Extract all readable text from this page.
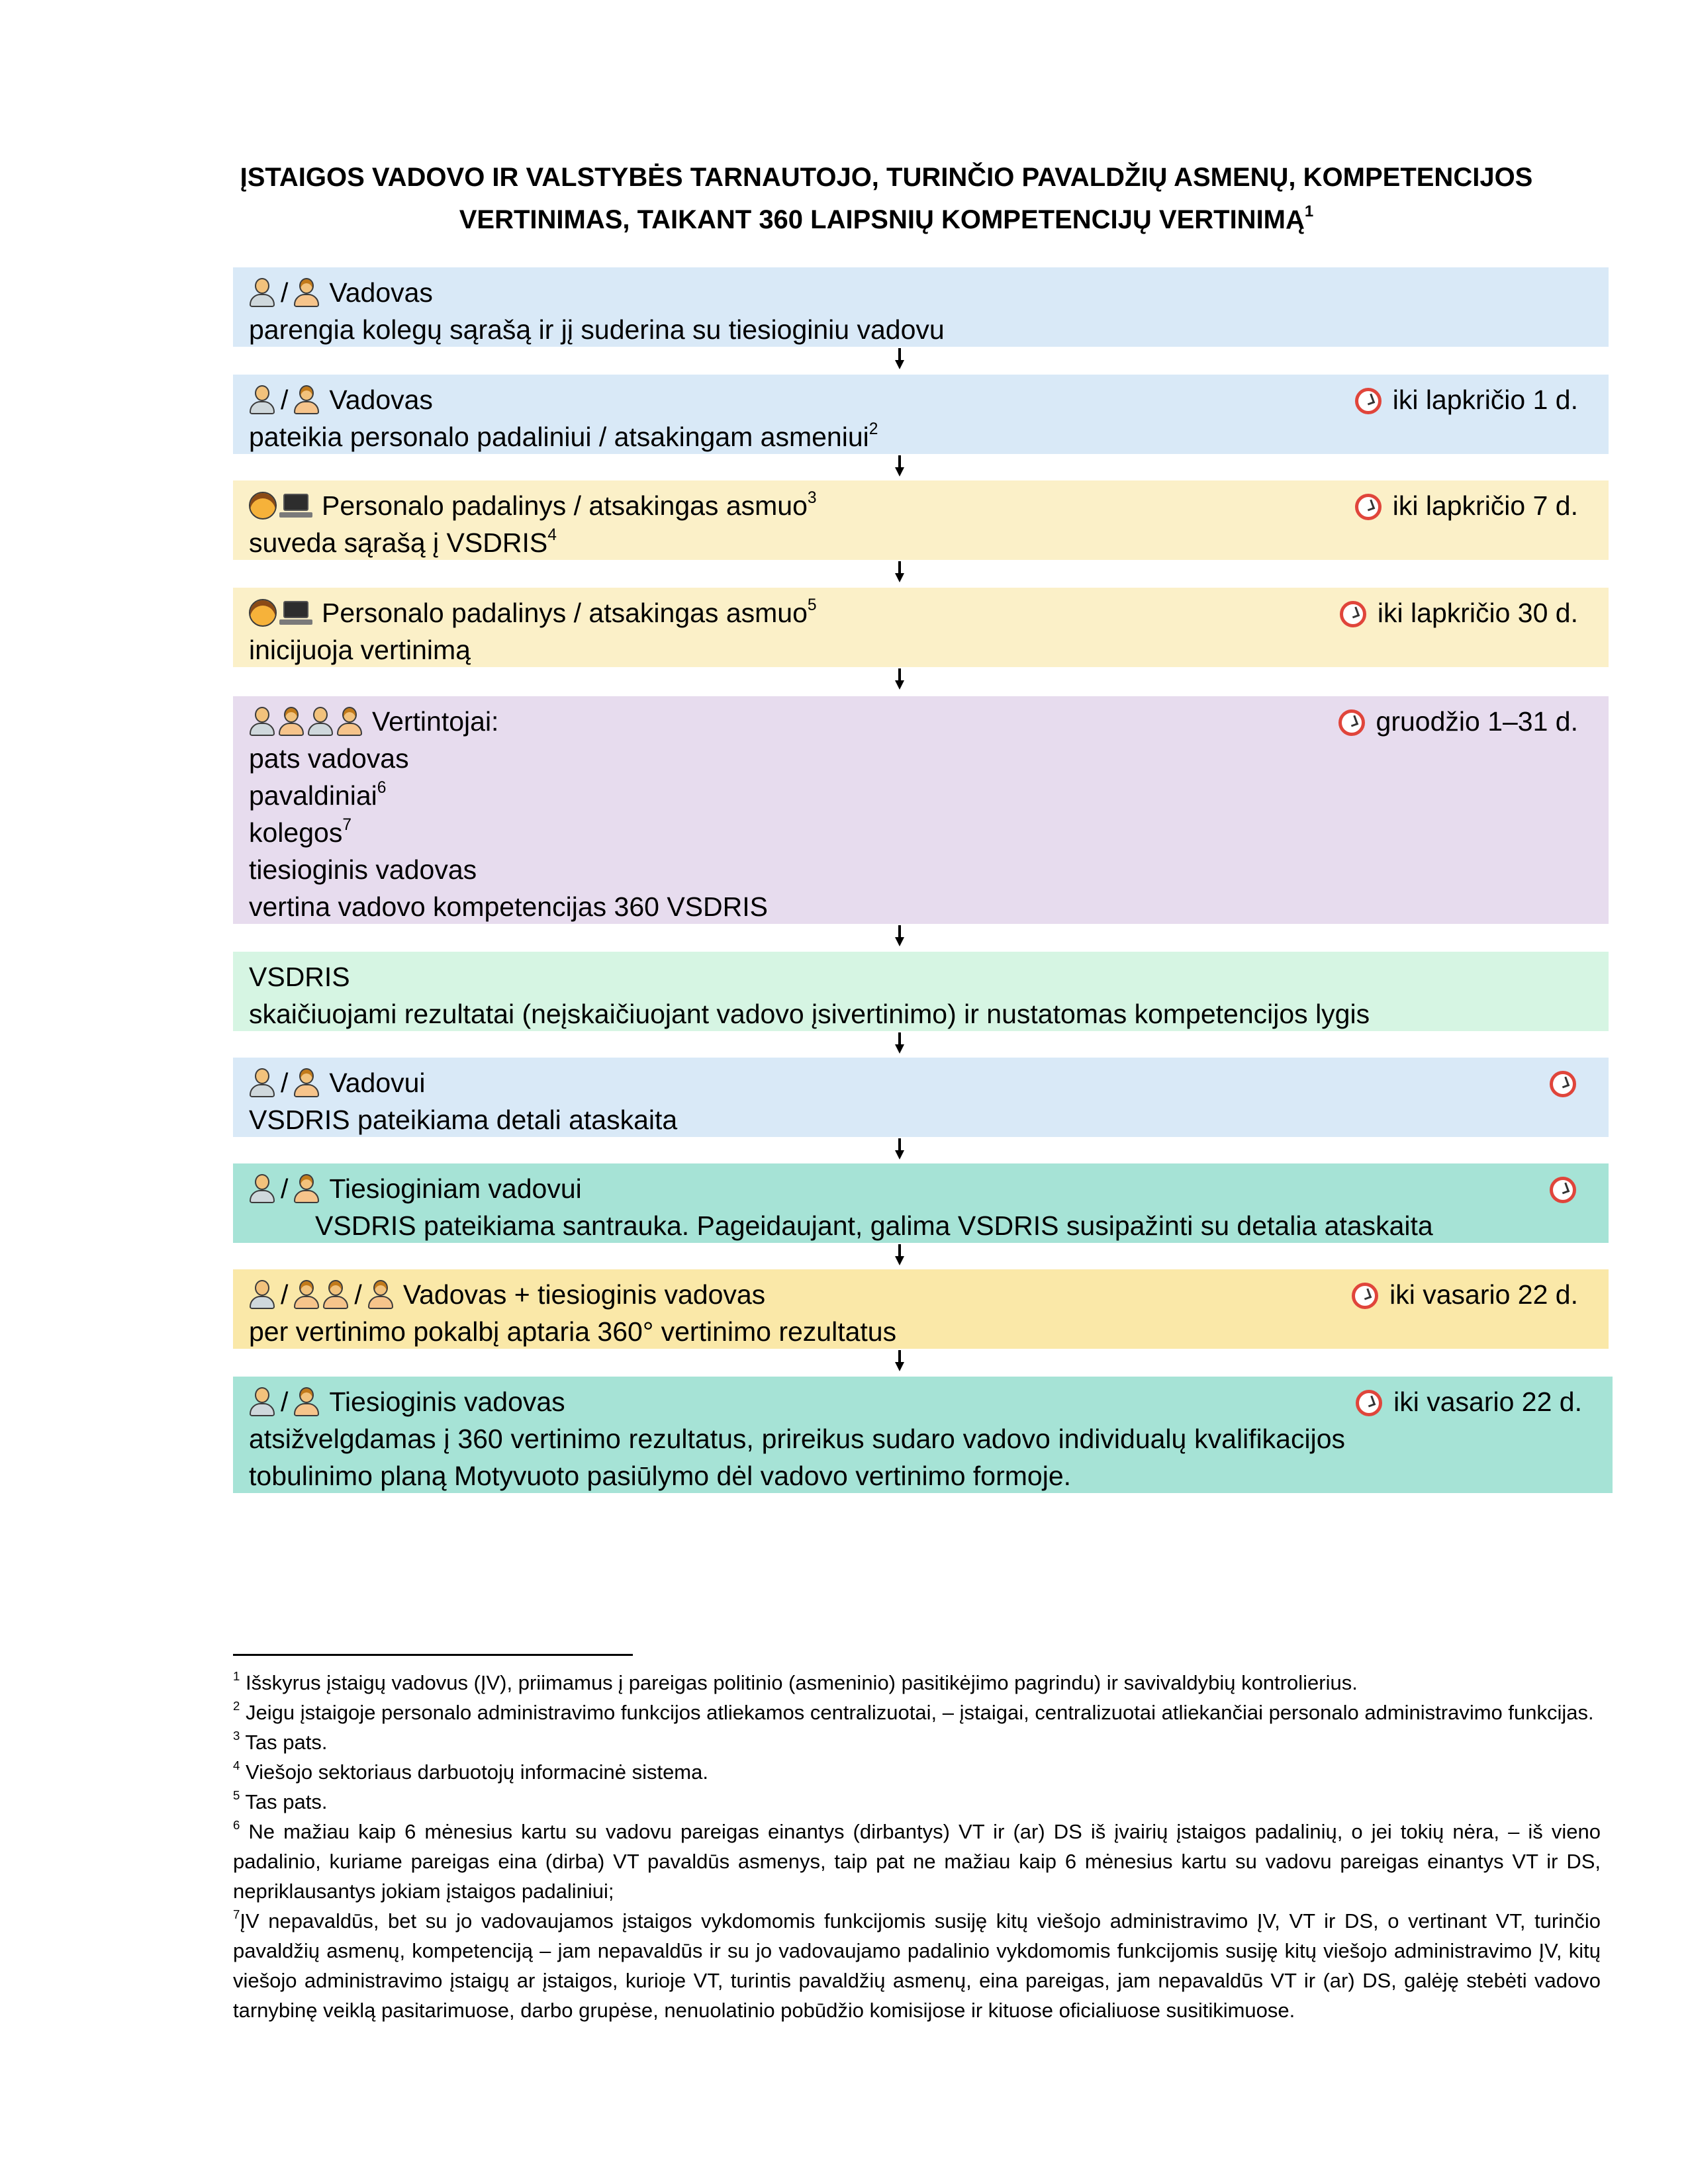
ĮSTAIGOS VADOVO IR VALSTYBĖS TARNAUTOJO, TURINČIO PAVALDŽIŲ ASMENŲ, KOMPETENCIJOS
VERTINIMAS, TAIKANT 360 LAIPSNIŲ KOMPETENCIJŲ VERTINIMĄ$^1$
/ Vadovas
parengia kolegų sąrašą ir jį suderina su tiesioginiu vadovu
/ Vadovas	iki lapkričio 1 d.
pateikia personalo padaliniui / atsakingam asmeniui$^2$
Personalo padalinys / atsakingas asmuo$^3$	iki lapkričio 7 d.
suveda sąrašą į VSDRIS$^4$
Personalo padalinys / atsakingas asmuo$^5$	iki lapkričio 30 d.
inicijuoja vertinimą
Vertintojai:	gruodžio 1–31 d.
pats vadovas
pavaldiniai$^6$
kolegos$^7$
tiesioginis vadovas
vertina vadovo kompetencijas 360 VSDRIS
VSDRIS
skaičiuojami rezultatai (neįskaičiuojant vadovo įsivertinimo) ir nustatomas kompetencijos lygis
/ Vadovui
VSDRIS pateikiama detali ataskaita
/ Tiesioginiam vadovui
VSDRIS pateikiama santrauka. Pageidaujant, galima VSDRIS susipažinti su detalia ataskaita
/ / Vadovas + tiesioginis vadovas	iki vasario 22 d.
per vertinimo pokalbį aptaria 360° vertinimo rezultatus
/ Tiesioginis vadovas	iki vasario 22 d.
atsižvelgdamas į 360 vertinimo rezultatus, prireikus sudaro vadovo individualų kvalifikacijos tobulinimo planą Motyvuoto pasiūlymo dėl vadovo vertinimo formoje.

$^1$ Išskyrus įstaigų vadovus (ĮV), priimamus į pareigas politinio (asmeninio) pasitikėjimo pagrindu) ir savivaldybių kontrolierius.

$^2$ Jeigu įstaigoje personalo administravimo funkcijos atliekamos centralizuotai, – įstaigai, centralizuotai atliekančiai personalo administravimo funkcijas.

$^3$ Tas pats.

$^4$ Viešojo sektoriaus darbuotojų informacinė sistema.

$^5$ Tas pats.

$^6$ Ne mažiau kaip 6 mėnesius kartu su vadovu pareigas einantys (dirbantys) VT ir (ar) DS iš įvairių įstaigos padalinių, o jei tokių nėra, – iš vieno padalinio, kuriame pareigas eina (dirba) VT pavaldūs asmenys, taip pat ne mažiau kaip 6 mėnesius kartu su vadovu pareigas einantys VT ir DS, nepriklausantys jokiam įstaigos padaliniui;

$^7$ĮV nepavaldūs, bet su jo vadovaujamos įstaigos vykdomomis funkcijomis susiję kitų viešojo administravimo ĮV, VT ir DS, o vertinant VT, turinčio pavaldžių asmenų, kompetenciją – jam nepavaldūs ir su jo vadovaujamo padalinio vykdomomis funkcijomis susiję kitų viešojo administravimo ĮV, kitų viešojo administravimo įstaigų ar įstaigos, kurioje VT, turintis pavaldžių asmenų, eina pareigas, jam nepavaldūs VT ir (ar) DS, galėję stebėti vadovo tarnybinę veiklą pasitarimuose, darbo grupėse, nenuolatinio pobūdžio komisijose ir kituose oficialiuose susitikimuose.
